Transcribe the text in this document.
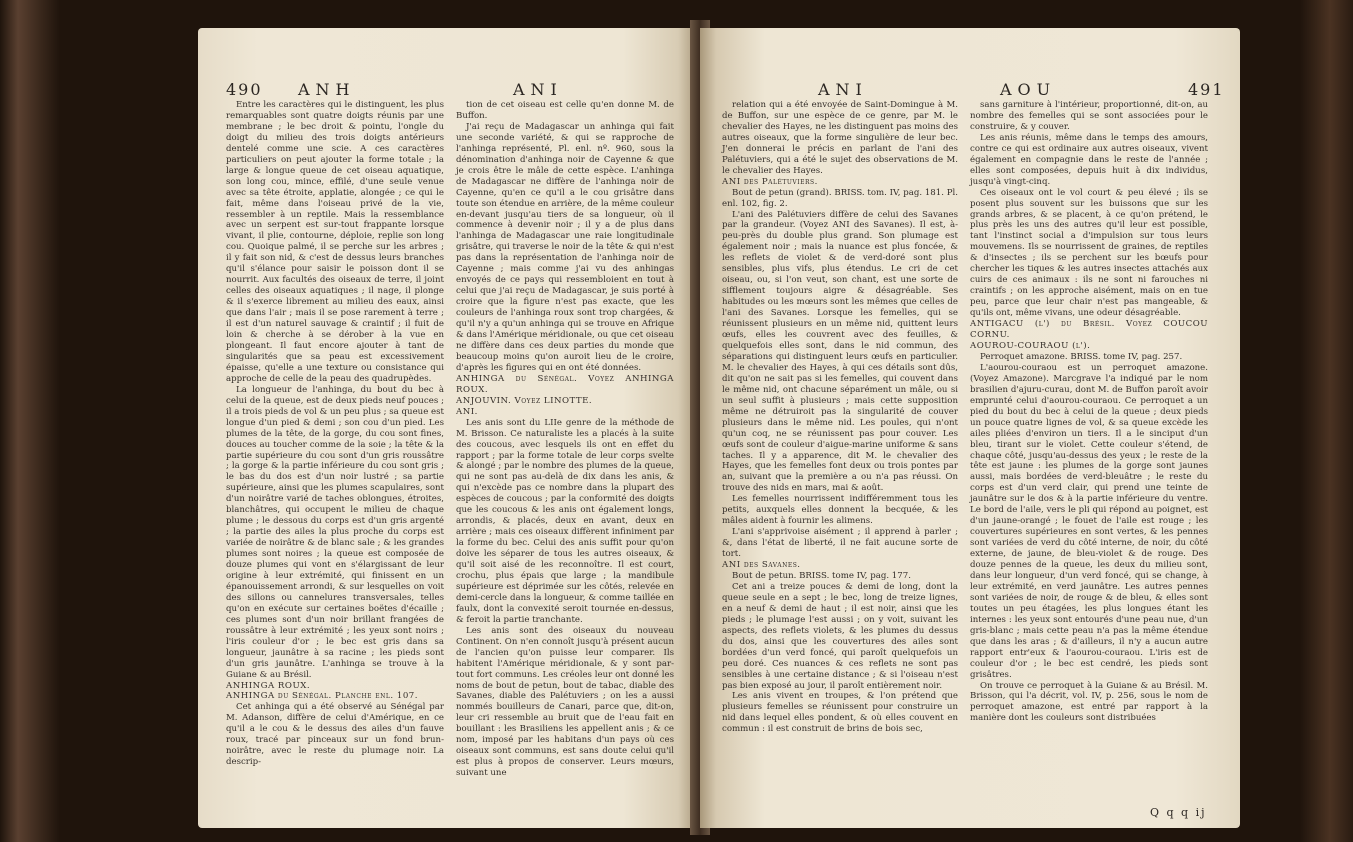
490 ANH	ANI

Entre les caractères qui le distinguent, les plus remarquables sont quatre doigts réunis par une membrane ; le bec droit & pointu, l'ongle du doigt du milieu des trois doigts antérieurs dentelé comme une scie. A ces caractères particuliers on peut ajouter la forme totale ; la large & longue queue de cet oiseau aquatique, son long cou, mince, effilé, d'une seule venue avec sa tête étroite, applatie, alongée ; ce qui le fait, même dans l'oiseau privé de la vie, ressembler à un reptile. Mais la ressemblance avec un serpent est sur-tout frappante lorsque vivant, il plie, contourne, déploie, replie son long cou. Quoique palmé, il se perche sur les arbres ; il y fait son nid, & c'est de dessus leurs branches qu'il s'élance pour saisir le poisson dont il se nourrit. Aux facultés des oiseaux de terre, il joint celles des oiseaux aquatiques ; il nage, il plonge & il s'exerce librement au milieu des eaux, ainsi que dans l'air ; mais il se pose rarement à terre ; il est d'un naturel sauvage & craintif ; il fuit de loin & cherche à se dérober à la vue en plongeant. Il faut encore ajouter à tant de singularités que sa peau est excessivement épaisse, qu'elle a une texture ou consistance qui approche de celle de la peau des quadrupèdes.

La longueur de l'anhinga, du bout du bec à celui de la queue, est de deux pieds neuf pouces ; il a trois pieds de vol & un peu plus ; sa queue est longue d'un pied & demi ; son cou d'un pied. Les plumes de la tête, de la gorge, du cou sont fines, douces au toucher comme de la soie ; la tête & la partie supérieure du cou sont d'un gris roussâtre ; la gorge & la partie inférieure du cou sont gris ; le bas du dos est d'un noir lustré ; sa partie supérieure, ainsi que les plumes scapulaires, sont d'un noirâtre varié de taches oblongues, étroites, blanchâtres, qui occupent le milieu de chaque plume ; le dessous du corps est d'un gris argenté ; la partie des ailes la plus proche du corps est variée de noirâtre & de blanc sale ; & les grandes plumes sont noires ; la queue est composée de douze plumes qui vont en s'élargissant de leur origine à leur extrémité, qui finissent en un épanouissement arrondi, & sur lesquelles on voit des sillons ou cannelures transversales, telles qu'on en exécute sur certaines boëtes d'écaille ; ces plumes sont d'un noir brillant frangées de roussâtre à leur extrémité ; les yeux sont noirs ; l'iris couleur d'or ; le bec est gris dans sa longueur, jaunâtre à sa racine ; les pieds sont d'un gris jaunâtre. L'anhinga se trouve à la Guiane & au Brésil.

ANHINGA ROUX.

ANHINGA du Sénégal. Planche enl. 107.

Cet anhinga qui a été observé au Sénégal par M. Adanson, diffère de celui d'Amérique, en ce qu'il a le cou & le dessus des ailes d'un fauve roux, tracé par pinceaux sur un fond brun-noirâtre, avec le reste du plumage noir. La descrip-

tion de cet oiseau est celle qu'en donne M. de Buffon.

J'ai reçu de Madagascar un anhinga qui fait une seconde variété, & qui se rapproche de l'anhinga représenté, Pl. enl. nº. 960, sous la dénomination d'anhinga noir de Cayenne & que je crois être le mâle de cette espèce. L'anhinga de Madagascar ne diffère de l'anhinga noir de Cayenne, qu'en ce qu'il a le cou grisâtre dans toute son étendue en arrière, de la même couleur en-devant jusqu'au tiers de sa longueur, où il commence à devenir noir ; il y a de plus dans l'anhinga de Madagascar une raie longitudinale grisâtre, qui traverse le noir de la tête & qui n'est pas dans la représentation de l'anhinga noir de Cayenne ; mais comme j'ai vu des anhingas envoyés de ce pays qui ressembloient en tout à celui que j'ai reçu de Madagascar, je suis porté à croire que la figure n'est pas exacte, que les couleurs de l'anhinga roux sont trop chargées, & qu'il n'y a qu'un anhinga qui se trouve en Afrique & dans l'Amérique méridionale, ou que cet oiseau ne diffère dans ces deux parties du monde que beaucoup moins qu'on auroit lieu de le croire, d'après les figures qui en ont été données.

ANHINGA du Sénégal. Voyez ANHINGA ROUX.

ANJOUVIN. Voyez LINOTTE.

ANI.

Les anis sont du LIIe genre de la méthode de M. Brisson. Ce naturaliste les a placés à la suite des coucous, avec lesquels ils ont en effet du rapport ; par la forme totale de leur corps svelte & alongé ; par le nombre des plumes de la queue, qui ne sont pas au-delà de dix dans les anis, & qui n'excède pas ce nombre dans la plupart des espèces de coucous ; par la conformité des doigts que les coucous & les anis ont également longs, arrondis, & placés, deux en avant, deux en arrière ; mais ces oiseaux diffèrent infiniment par la forme du bec. Celui des anis suffit pour qu'on doive les séparer de tous les autres oiseaux, & qu'il soit aisé de les reconnoître. Il est court, crochu, plus épais que large ; la mandibule supérieure est déprimée sur les côtés, relevée en demi-cercle dans la longueur, & comme taillée en faulx, dont la convexité seroit tournée en-dessus, & feroit la partie tranchante.

Les anis sont des oiseaux du nouveau Continent. On n'en connoît jusqu'à présent aucun de l'ancien qu'on puisse leur comparer. Ils habitent l'Amérique méridionale, & y sont par-tout fort communs. Les créoles leur ont donné les noms de bout de petun, bout de tabac, diable des Savanes, diable des Palétuviers ; on les a aussi nommés bouilleurs de Canari, parce que, dit-on, leur cri ressemble au bruit que de l'eau fait en bouillant : les Brasiliens les appellent anis ; & ce nom, imposé par les habitans d'un pays où ces oiseaux sont communs, est sans doute celui qu'il est plus à propos de conserver. Leurs mœurs, suivant une

ANI	AOU	491

relation qui a été envoyée de Saint-Domingue à M. de Buffon, sur une espèce de ce genre, par M. le chevalier des Hayes, ne les distinguent pas moins des autres oiseaux, que la forme singulière de leur bec. J'en donnerai le précis en parlant de l'ani des Palétuviers, qui a été le sujet des observations de M. le chevalier des Hayes.

ANI des Palétuviers.

Bout de petun (grand). BRISS. tom. IV, pag. 181. Pl. enl. 102, fig. 2.

L'ani des Palétuviers diffère de celui des Savanes par la grandeur. (Voyez ANI des Savanes). Il est, à-peu-près du double plus grand. Son plumage est également noir ; mais la nuance est plus foncée, & les reflets de violet & de verd-doré sont plus sensibles, plus vifs, plus étendus. Le cri de cet oiseau, ou, si l'on veut, son chant, est une sorte de sifflement toujours aigre & désagréable. Ses habitudes ou les mœurs sont les mêmes que celles de l'ani des Savanes. Lorsque les femelles, qui se réunissent plusieurs en un même nid, quittent leurs œufs, elles les couvrent avec des feuilles, & quelquefois elles sont, dans le nid commun, des séparations qui distinguent leurs œufs en particulier. M. le chevalier des Hayes, à qui ces détails sont dûs, dit qu'on ne sait pas si les femelles, qui couvent dans le même nid, ont chacune séparément un mâle, ou si un seul suffit à plusieurs ; mais cette supposition même ne détruiroit pas la singularité de couver plusieurs dans le même nid. Les poules, qui n'ont qu'un coq, ne se réunissent pas pour couver. Les œufs sont de couleur d'aigue-marine uniforme & sans taches. Il y a apparence, dit M. le chevalier des Hayes, que les femelles font deux ou trois pontes par an, suivant que la première a ou n'a pas réussi. On trouve des nids en mars, mai & août.

Les femelles nourrissent indifféremment tous les petits, auxquels elles donnent la becquée, & les mâles aident à fournir les alimens.

L'ani s'apprivoise aisément ; il apprend à parler ; &, dans l'état de liberté, il ne fait aucune sorte de tort.

ANI des Savanes.

Bout de petun. BRISS. tome IV, pag. 177.

Cet ani a treize pouces & demi de long, dont la queue seule en a sept ; le bec, long de treize lignes, en a neuf & demi de haut ; il est noir, ainsi que les pieds ; le plumage l'est aussi ; on y voit, suivant les aspects, des reflets violets, & les plumes du dessus du dos, ainsi que les couvertures des ailes sont bordées d'un verd foncé, qui paroît quelquefois un peu doré. Ces nuances & ces reflets ne sont pas sensibles à une certaine distance ; & si l'oiseau n'est pas bien exposé au jour, il paroît entièrement noir.

Les anis vivent en troupes, & l'on prétend que plusieurs femelles se réunissent pour construire un nid dans lequel elles pondent, & où elles couvent en commun : il est construit de brins de bois sec,

sans garniture à l'intérieur, proportionné, dit-on, au nombre des femelles qui se sont associées pour le construire, & y couver.

Les anis réunis, même dans le temps des amours, contre ce qui est ordinaire aux autres oiseaux, vivent également en compagnie dans le reste de l'année ; elles sont composées, depuis huit à dix individus, jusqu'à vingt-cinq.

Ces oiseaux ont le vol court & peu élevé ; ils se posent plus souvent sur les buissons que sur les grands arbres, & se placent, à ce qu'on prétend, le plus près les uns des autres qu'il leur est possible, tant l'instinct social a d'impulsion sur tous leurs mouvemens. Ils se nourrissent de graines, de reptiles & d'insectes ; ils se perchent sur les bœufs pour chercher les tiques & les autres insectes attachés aux cuirs de ces animaux : ils ne sont ni farouches ni craintifs ; on les approche aisément, mais on en tue peu, parce que leur chair n'est pas mangeable, & qu'ils ont, même vivans, une odeur désagréable.

ANTIGACU (l') du Brésil. Voyez COUCOU CORNU.

AOUROU-COURAOU (l').

Perroquet amazone. BRISS. tome IV, pag. 257.

L'aourou-couraou est un perroquet amazone. (Voyez Amazone). Marcgrave l'a indiqué par le nom brasilien d'ajuru-curau, dont M. de Buffon paroît avoir emprunté celui d'aourou-couraou. Ce perroquet a un pied du bout du bec à celui de la queue ; deux pieds un pouce quatre lignes de vol, & sa queue excède les ailes pliées d'environ un tiers. Il a le sinciput d'un bleu, tirant sur le violet. Cette couleur s'étend, de chaque côté, jusqu'au-dessus des yeux ; le reste de la tête est jaune : les plumes de la gorge sont jaunes aussi, mais bordées de verd-bleuâtre ; le reste du corps est d'un verd clair, qui prend une teinte de jaunâtre sur le dos & à la partie inférieure du ventre. Le bord de l'aile, vers le pli qui répond au poignet, est d'un jaune-orangé ; le fouet de l'aile est rouge ; les couvertures supérieures en sont vertes, & les pennes sont variées de verd du côté interne, de noir, du côté externe, de jaune, de bleu-violet & de rouge. Des douze pennes de la queue, les deux du milieu sont, dans leur longueur, d'un verd foncé, qui se change, à leur extrémité, en verd jaunâtre. Les autres pennes sont variées de noir, de rouge & de bleu, & elles sont toutes un peu étagées, les plus longues étant les internes : les yeux sont entourés d'une peau nue, d'un gris-blanc ; mais cette peau n'a pas la même étendue que dans les aras ; & d'ailleurs, il n'y a aucun autre rapport entr'eux & l'aourou-couraou. L'iris est de couleur d'or ; le bec est cendré, les pieds sont grisâtres.

On trouve ce perroquet à la Guiane & au Brésil. M. Brisson, qui l'a décrit, vol. IV, p. 256, sous le nom de perroquet amazone, est entré par rapport à la manière dont les couleurs sont distribuées

Q q q ij
